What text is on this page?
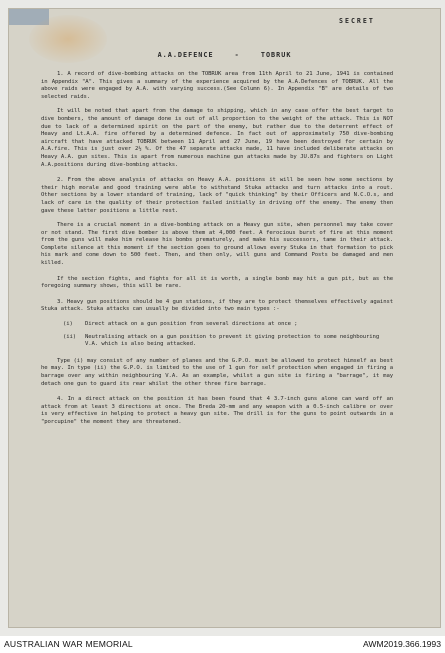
SECRET
A.A.DEFENCE	-	TOBRUK

1. A record of dive-bombing attacks on the TOBRUK area from 11th April to 21 June, 1941 is contained in Appendix "A". This gives a summary of the experience acquired by the A.A.Defences of TOBRUK. All the above raids were engaged by A.A. with varying success.(See Column 6). In Appendix "B" are details of two selected raids.

It will be noted that apart from the damage to shipping, which in any case offer the best target to dive bombers, the amount of damage done is out of all proportion to the weight of the attack. This is NOT due to lack of a determined spirit on the part of the enemy, but rather due to the deterrent effect of Heavy and Lt.A.A. fire offered by a determined defence. In fact out of approximately 750 dive-bombing aircraft that have attacked TOBRUK between 11 April and 27 June, 19 have been destroyed for certain by A.A.fire. This is just over 2½ %. Of the 47 separate attacks made, 11 have included deliberate attacks on Heavy A.A. gun sites. This is apart from numerous machine gun attacks made by JU.87s and fighters on Light A.A.positions during dive-bombing attacks.

2. From the above analysis of attacks on Heavy A.A. positions it will be seen how some sections by their high morale and good training were able to withstand Stuka attacks and turn attacks into a rout. Other sections by a lower standard of training, lack of "quick thinking" by their Officers and N.C.O.s, and lack of care in the quality of their protection failed initially in driving off the enemy. The enemy then gave these latter positions a little rest.

There is a crucial moment in a dive-bombing attack on a Heavy gun site, when personnel may take cover or not stand. The first dive bomber is above them at 4,000 feet. A ferocious burst of fire at this moment from the guns will make him release his bombs prematurely, and make his successors, tame in their attack. Complete silence at this moment if the section goes to ground allows every Stuka in that formation to pick his mark and come down to 500 feet. Then, and then only, will guns and Command Posts be damaged and men killed.

If the section fights, and fights for all it is worth, a single bomb may hit a gun pit, but as the foregoing summary shows, this will be rare.

3. Heavy gun positions should be 4 gun stations, if they are to protect themselves effectively against Stuka attack. Stuka attacks can usually be divided into two main types :-

(i)	Direct attack on a gun position from several directions at once ;
(ii)	Neutralising attack on a gun position to prevent it giving protection to some neighbouring V.A. which is also being attacked.

Type (i) may consist of any number of planes and the G.P.O. must be allowed to protect himself as best he may. In type (ii) the G.P.O. is limited to the use of 1 gun for self protection when engaged in firing a barrage over any within neighbouring V.A. As an example, whilst a gun site is firing a "barrage", it may detach one gun to guard its rear whilst the other three fire barrage.

4. In a direct attack on the position it has been found that 4 3.7-inch guns alone can ward off an attack from at least 3 directions at once. The Breda 20-mm and any weapon with a 0.5-inch calibre or over is very effective in helping to protect a heavy gun site. The drill is for the guns to point outwards in a "porcupine" the moment they are threatened.

AUSTRALIAN WAR MEMORIAL	AWM2019.366.1993
